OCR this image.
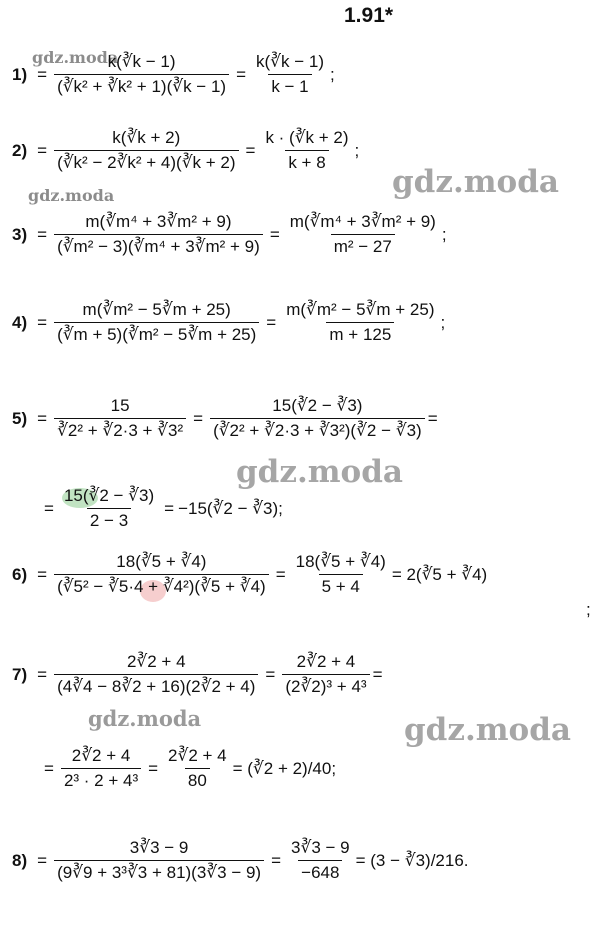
1.91*
gdz.moda
gdz.moda
gdz.moda
gdz.moda
gdz.moda	gdz.moda
$1) = \frac{k(∛k - 1)}{\text{(∛k² + ∛k² + 1)(∛k − 1)}} = \frac{k(∛k - 1)}{k - 1}$ ;
$2) = \frac{k(∛k + 2)}{\text{(∛k² − 2∛k² + 4)(∛k + 2)}} = \frac{k \cdot (∛k + 2)}{k + 8}$ ;
$3) = \frac{\text{m(∛m⁴ + 3∛m² + 9)}}{\text{(∛m² − 3)(∛m⁴ + 3∛m² + 9)}} = \frac{\text{m(∛m⁴ + 3∛m² + 9)}}{\text{m² − 27}}$ ;
$4) = \frac{\text{m(∛m² − 5∛m + 25)}}{\text{(∛m + 5)(∛m² − 5∛m + 25)}} = \frac{\text{m(∛m² − 5∛m + 25)}}{m + 125}$ ;
$5) = \frac{15}{\text{∛2² + ∛2·3 + ∛3²}} = \frac{15(∛2 - ∛3)}{\text{(∛2² + ∛2·3 + ∛3²)(∛2 − ∛3)}}$ =
= $\frac{15(∛2 - ∛3)}{2 - 3}$ = −15(∛2 − ∛3);
$6) = \frac{18(∛5 + ∛4)}{\text{(∛5² − ∛5·4 + ∛4²)(∛5 + ∛4)}} = \frac{18(∛5 + ∛4)}{5 + 4}$ = 2(∛5 + ∛4)
;
$7) = \frac{2∛2 + 4}{(4∛4 - 8∛2 + 16)(2∛2 + 4)} = \frac{2∛2 + 4}{\text{(2∛2)³ + 4³}}$ =
= $\frac{2∛2 + 4}{\text{2³ · 2 + 4³}} = \frac{2∛2 + 4}{80}$ = (∛2 + 2)/40;
$8) = \frac{3∛3 - 9}{\text{(9∛9 + 3³∛3 + 81)(3∛3 − 9)}} = \frac{3∛3 - 9}{-648} = (3$ − ∛3)/216.
